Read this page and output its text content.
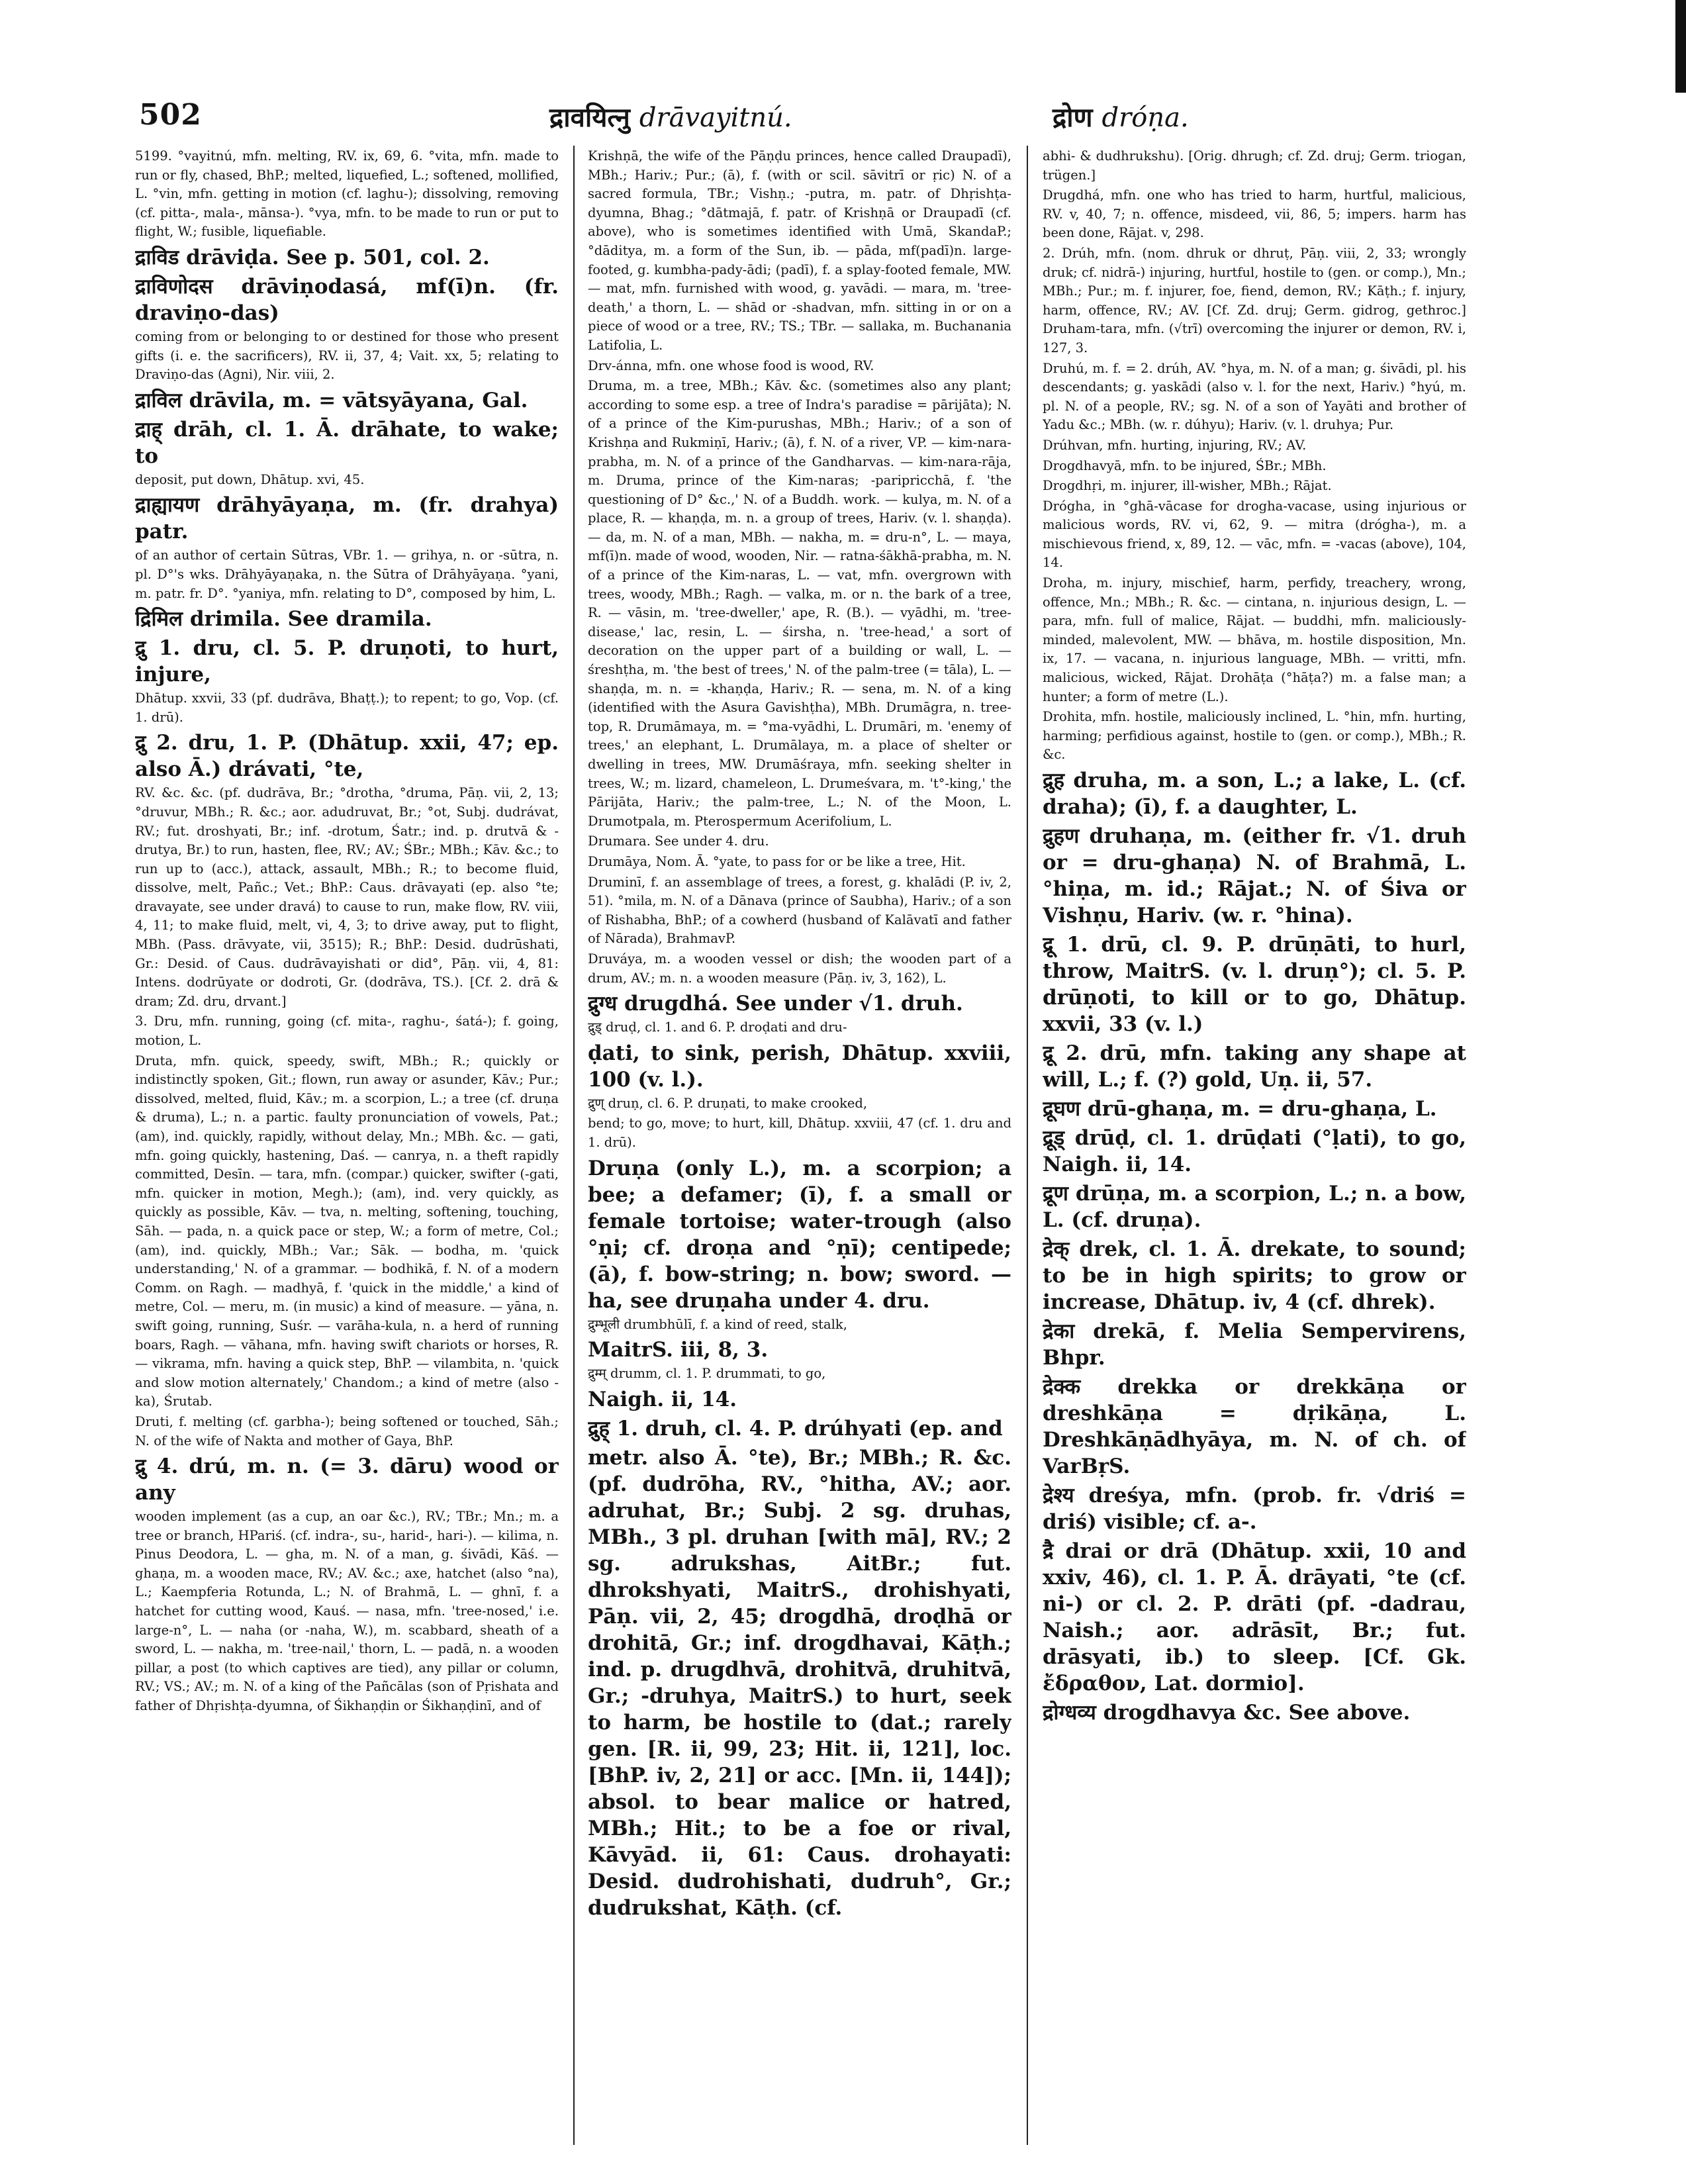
502	द्रावयित्नु drāvayitnú.	द्रोण dróṇa.

5199. °vayitnú, mfn. melting, RV. ix, 69, 6. °vita, mfn. made to run or fly, chased, BhP.; melted, liquefied, L.; softened, mollified, L. °vin, mfn. getting in motion (cf. laghu-); dissolving, removing (cf. pitta-, mala-, mānsa-). °vya, mfn. to be made to run or put to flight, W.; fusible, liquefiable.

द्राविड drāviḍa. See p. 501, col. 2.

द्राविणोदस drāviṇodasá, mf(ī)n. (fr. draviṇo-das)

coming from or belonging to or destined for those who present gifts (i. e. the sacrificers), RV. ii, 37, 4; Vait. xx, 5; relating to Draviṇo-das (Agni), Nir. viii, 2.

द्राविल drāvila, m. = vātsyāyana, Gal.

द्राह् drāh, cl. 1. Ā. drāhate, to wake; to

deposit, put down, Dhātup. xvi, 45.

द्राह्यायण drāhyāyaṇa, m. (fr. drahya) patr.

of an author of certain Sūtras, VBr. 1. — grihya, n. or -sūtra, n. pl. D°'s wks. Drāhyāyaṇaka, n. the Sūtra of Drāhyāyaṇa. °yani, m. patr. fr. D°. °yaniya, mfn. relating to D°, composed by him, L.

द्रिमिल drimila. See dramila.

द्रु 1. dru, cl. 5. P. druṇoti, to hurt, injure,

Dhātup. xxvii, 33 (pf. dudrāva, Bhaṭṭ.); to repent; to go, Vop. (cf. 1. drū).

द्रु 2. dru, 1. P. (Dhātup. xxii, 47; ep. also Ā.) drávati, °te,

RV. &c. &c. (pf. dudrāva, Br.; °drotha, °druma, Pāṇ. vii, 2, 13; °druvur, MBh.; R. &c.; aor. adudruvat, Br.; °ot, Subj. dudrávat, RV.; fut. droshyati, Br.; inf. -drotum, Śatr.; ind. p. drutvā & -drutya, Br.) to run, hasten, flee, RV.; AV.; ŚBr.; MBh.; Kāv. &c.; to run up to (acc.), attack, assault, MBh.; R.; to become fluid, dissolve, melt, Pañc.; Vet.; BhP.: Caus. drāvayati (ep. also °te; dravayate, see under dravá) to cause to run, make flow, RV. viii, 4, 11; to make fluid, melt, vi, 4, 3; to drive away, put to flight, MBh. (Pass. drāvyate, vii, 3515); R.; BhP.: Desid. dudrūshati, Gr.: Desid. of Caus. dudrāvayishati or did°, Pāṇ. vii, 4, 81: Intens. dodrūyate or dodroti, Gr. (dodrāva, TS.). [Cf. 2. drā & dram; Zd. dru, drvant.]

3. Dru, mfn. running, going (cf. mita-, raghu-, śatá-); f. going, motion, L.

Druta, mfn. quick, speedy, swift, MBh.; R.; quickly or indistinctly spoken, Git.; flown, run away or asunder, Kāv.; Pur.; dissolved, melted, fluid, Kāv.; m. a scorpion, L.; a tree (cf. druṇa & druma), L.; n. a partic. faulty pronunciation of vowels, Pat.; (am), ind. quickly, rapidly, without delay, Mn.; MBh. &c. — gati, mfn. going quickly, hastening, Daś. — canrya, n. a theft rapidly committed, Desīn. — tara, mfn. (compar.) quicker, swifter (-gati, mfn. quicker in motion, Megh.); (am), ind. very quickly, as quickly as possible, Kāv. — tva, n. melting, softening, touching, Sāh. — pada, n. a quick pace or step, W.; a form of metre, Col.; (am), ind. quickly, MBh.; Var.; Sāk. — bodha, m. 'quick understanding,' N. of a grammar. — bodhikā, f. N. of a modern Comm. on Ragh. — madhyā, f. 'quick in the middle,' a kind of metre, Col. — meru, m. (in music) a kind of measure. — yāna, n. swift going, running, Suśr. — varāha-kula, n. a herd of running boars, Ragh. — vāhana, mfn. having swift chariots or horses, R. — vikrama, mfn. having a quick step, BhP. — vilambita, n. 'quick and slow motion alternately,' Chandom.; a kind of metre (also -ka), Śrutab.

Druti, f. melting (cf. garbha-); being softened or touched, Sāh.; N. of the wife of Nakta and mother of Gaya, BhP.

द्रु 4. drú, m. n. (= 3. dāru) wood or any

wooden implement (as a cup, an oar &c.), RV.; TBr.; Mn.; m. a tree or branch, HPariś. (cf. indra-, su-, harid-, hari-). — kilima, n. Pinus Deodora, L. — gha, m. N. of a man, g. śivādi, Kāś. — ghaṇa, m. a wooden mace, RV.; AV. &c.; axe, hatchet (also °na), L.; Kaempferia Rotunda, L.; N. of Brahmā, L. — ghnī, f. a hatchet for cutting wood, Kauś. — nasa, mfn. 'tree-nosed,' i.e. large-n°, L. — naha (or -naha, W.), m. scabbard, sheath of a sword, L. — nakha, m. 'tree-nail,' thorn, L. — padā, n. a wooden pillar, a post (to which captives are tied), any pillar or column, RV.; VS.; AV.; m. N. of a king of the Pañcālas (son of Pṛishata and father of Dhṛishṭa-dyumna, of Śikhaṇḍin or Śikhaṇḍinī, and of

Krishṇā, the wife of the Pāṇḍu princes, hence called Draupadī), MBh.; Hariv.; Pur.; (ā), f. (with or scil. sāvitrī or ṛic) N. of a sacred formula, TBr.; Vishṇ.; -putra, m. patr. of Dhṛishṭa-dyumna, Bhag.; °dātmajā, f. patr. of Krishṇā or Draupadī (cf. above), who is sometimes identified with Umā, SkandaP.; °dāditya, m. a form of the Sun, ib. — pāda, mf(padī)n. large-footed, g. kumbha-pady-ādi; (padī), f. a splay-footed female, MW. — mat, mfn. furnished with wood, g. yavādi. — mara, m. 'tree-death,' a thorn, L. — shād or -shadvan, mfn. sitting in or on a piece of wood or a tree, RV.; TS.; TBr. — sallaka, m. Buchanania Latifolia, L.

Drv-ánna, mfn. one whose food is wood, RV.

Druma, m. a tree, MBh.; Kāv. &c. (sometimes also any plant; according to some esp. a tree of Indra's paradise = pārijāta); N. of a prince of the Kim-purushas, MBh.; Hariv.; of a son of Krishṇa and Rukmiṇī, Hariv.; (ā), f. N. of a river, VP. — kim-nara-prabha, m. N. of a prince of the Gandharvas. — kim-nara-rāja, m. Druma, prince of the Kim-naras; -paripricchā, f. 'the questioning of D° &c.,' N. of a Buddh. work. — kulya, m. N. of a place, R. — khaṇḍa, m. n. a group of trees, Hariv. (v. l. shaṇḍa). — da, m. N. of a man, MBh. — nakha, m. = dru-n°, L. — maya, mf(ī)n. made of wood, wooden, Nir. — ratna-śākhā-prabha, m. N. of a prince of the Kim-naras, L. — vat, mfn. overgrown with trees, woody, MBh.; Ragh. — valka, m. or n. the bark of a tree, R. — vāsin, m. 'tree-dweller,' ape, R. (B.). — vyādhi, m. 'tree-disease,' lac, resin, L. — śirsha, n. 'tree-head,' a sort of decoration on the upper part of a building or wall, L. — śreshṭha, m. 'the best of trees,' N. of the palm-tree (= tāla), L. — shaṇḍa, m. n. = -khaṇḍa, Hariv.; R. — sena, m. N. of a king (identified with the Asura Gavishṭha), MBh. Drumāgra, n. tree-top, R. Drumāmaya, m. = °ma-vyādhi, L. Drumāri, m. 'enemy of trees,' an elephant, L. Drumālaya, m. a place of shelter or dwelling in trees, MW. Drumāśraya, mfn. seeking shelter in trees, W.; m. lizard, chameleon, L. Drumeśvara, m. 't°-king,' the Pārijāta, Hariv.; the palm-tree, L.; N. of the Moon, L. Drumotpala, m. Pterospermum Acerifolium, L.

Drumara. See under 4. dru.

Drumāya, Nom. Ā. °yate, to pass for or be like a tree, Hit.

Druminī, f. an assemblage of trees, a forest, g. khalādi (P. iv, 2, 51). °mila, m. N. of a Dānava (prince of Saubha), Hariv.; of a son of Rishabha, BhP.; of a cowherd (husband of Kalāvatī and father of Nārada), BrahmavP.

Druváya, m. a wooden vessel or dish; the wooden part of a drum, AV.; m. n. a wooden measure (Pāṇ. iv, 3, 162), L.

द्रुग्ध drugdhá. See under √1. druh.

द्रुड् druḍ, cl. 1. and 6. P. droḍati and dru-

ḍati, to sink, perish, Dhātup. xxviii, 100 (v. l.).

द्रुण् druṇ, cl. 6. P. druṇati, to make crooked,

bend; to go, move; to hurt, kill, Dhātup. xxviii, 47 (cf. 1. dru and 1. drū).

Druṇa (only L.), m. a scorpion; a bee; a defamer; (ī), f. a small or female tortoise; water-trough (also °ṇi; cf. droṇa and °ṇī); centipede; (ā), f. bow-string; n. bow; sword. — ha, see druṇaha under 4. dru.

द्रुम्भूली drumbhūlī, f. a kind of reed, stalk,

MaitrS. iii, 8, 3.

द्रुम्म् drumm, cl. 1. P. drummati, to go,

Naigh. ii, 14.

द्रुह् 1. druh, cl. 4. P. drúhyati (ep. and

metr. also Ā. °te), Br.; MBh.; R. &c. (pf. dudrōha, RV., °hitha, AV.; aor. adruhat, Br.; Subj. 2 sg. druhas, MBh., 3 pl. druhan [with mā], RV.; 2 sg. adrukshas, AitBr.; fut. dhrokshyati, MaitrS., drohishyati, Pāṇ. vii, 2, 45; drogdhā, droḍhā or drohitā, Gr.; inf. drogdhavai, Kāṭh.; ind. p. drugdhvā, drohitvā, druhitvā, Gr.; -druhya, MaitrS.) to hurt, seek to harm, be hostile to (dat.; rarely gen. [R. ii, 99, 23; Hit. ii, 121], loc. [BhP. iv, 2, 21] or acc. [Mn. ii, 144]); absol. to bear malice or hatred, MBh.; Hit.; to be a foe or rival, Kāvyād. ii, 61: Caus. drohayati: Desid. dudrohishati, dudruh°, Gr.; dudrukshat, Kāṭh. (cf.

abhi- & dudhrukshu). [Orig. dhrugh; cf. Zd. druj; Germ. triogan, trügen.]

Drugdhá, mfn. one who has tried to harm, hurtful, malicious, RV. v, 40, 7; n. offence, misdeed, vii, 86, 5; impers. harm has been done, Rājat. v, 298.

2. Drúh, mfn. (nom. dhruk or dhruṭ, Pāṇ. viii, 2, 33; wrongly druk; cf. nidrā-) injuring, hurtful, hostile to (gen. or comp.), Mn.; MBh.; Pur.; m. f. injurer, foe, fiend, demon, RV.; Kāṭh.; f. injury, harm, offence, RV.; AV. [Cf. Zd. druj; Germ. gidrog, gethroc.] Druham-tara, mfn. (√trī) overcoming the injurer or demon, RV. i, 127, 3.

Druhú, m. f. = 2. drúh, AV. °hya, m. N. of a man; g. śivādi, pl. his descendants; g. yaskādi (also v. l. for the next, Hariv.) °hyú, m. pl. N. of a people, RV.; sg. N. of a son of Yayāti and brother of Yadu &c.; MBh. (w. r. dúhyu); Hariv. (v. l. druhya; Pur.

Drúhvan, mfn. hurting, injuring, RV.; AV.

Drogdhavyā, mfn. to be injured, ŚBr.; MBh.

Drogdhṛi, m. injurer, ill-wisher, MBh.; Rājat.

Drógha, in °ghā-vācase for drogha-vacase, using injurious or malicious words, RV. vi, 62, 9. — mitra (drógha-), m. a mischievous friend, x, 89, 12. — vāc, mfn. = -vacas (above), 104, 14.

Droha, m. injury, mischief, harm, perfidy, treachery, wrong, offence, Mn.; MBh.; R. &c. — cintana, n. injurious design, L. — para, mfn. full of malice, Rājat. — buddhi, mfn. maliciously-minded, malevolent, MW. — bhāva, m. hostile disposition, Mn. ix, 17. — vacana, n. injurious language, MBh. — vritti, mfn. malicious, wicked, Rājat. Drohāṭa (°hāṭa?) m. a false man; a hunter; a form of metre (L.).

Drohita, mfn. hostile, maliciously inclined, L. °hin, mfn. hurting, harming; perfidious against, hostile to (gen. or comp.), MBh.; R. &c.

द्रुह druha, m. a son, L.; a lake, L. (cf. draha); (ī), f. a daughter, L.

द्रुहण druhaṇa, m. (either fr. √1. druh or = dru-ghaṇa) N. of Brahmā, L. °hiṇa, m. id.; Rājat.; N. of Śiva or Vishṇu, Hariv. (w. r. °hina).

द्रू 1. drū, cl. 9. P. drūṇāti, to hurl, throw, MaitrS. (v. l. druṇ°); cl. 5. P. drūṇoti, to kill or to go, Dhātup. xxvii, 33 (v. l.)

द्रू 2. drū, mfn. taking any shape at will, L.; f. (?) gold, Uṇ. ii, 57.

द्रूघण drū-ghaṇa, m. = dru-ghaṇa, L.

द्रूड् drūḍ, cl. 1. drūḍati (°ḷati), to go, Naigh. ii, 14.

द्रूण drūṇa, m. a scorpion, L.; n. a bow, L. (cf. druṇa).

द्रेक् drek, cl. 1. Ā. drekate, to sound; to be in high spirits; to grow or increase, Dhātup. iv, 4 (cf. dhrek).

द्रेका drekā, f. Melia Sempervirens, Bhpr.

द्रेक्क drekka or drekkāṇa or dreshkāṇa = dṛikāṇa, L. Dreshkāṇādhyāya, m. N. of ch. of VarBṛS.

द्रेश्य dreśya, mfn. (prob. fr. √driś = driś) visible; cf. a-.

द्रै drai or drā (Dhātup. xxii, 10 and xxiv, 46), cl. 1. P. Ā. drāyati, °te (cf. ni-) or cl. 2. P. drāti (pf. -dadrau, Naish.; aor. adrāsīt, Br.; fut. drāsyati, ib.) to sleep. [Cf. Gk. ἔδραθον, Lat. dormio].

द्रोग्धव्य drogdhavya &c. See above.
